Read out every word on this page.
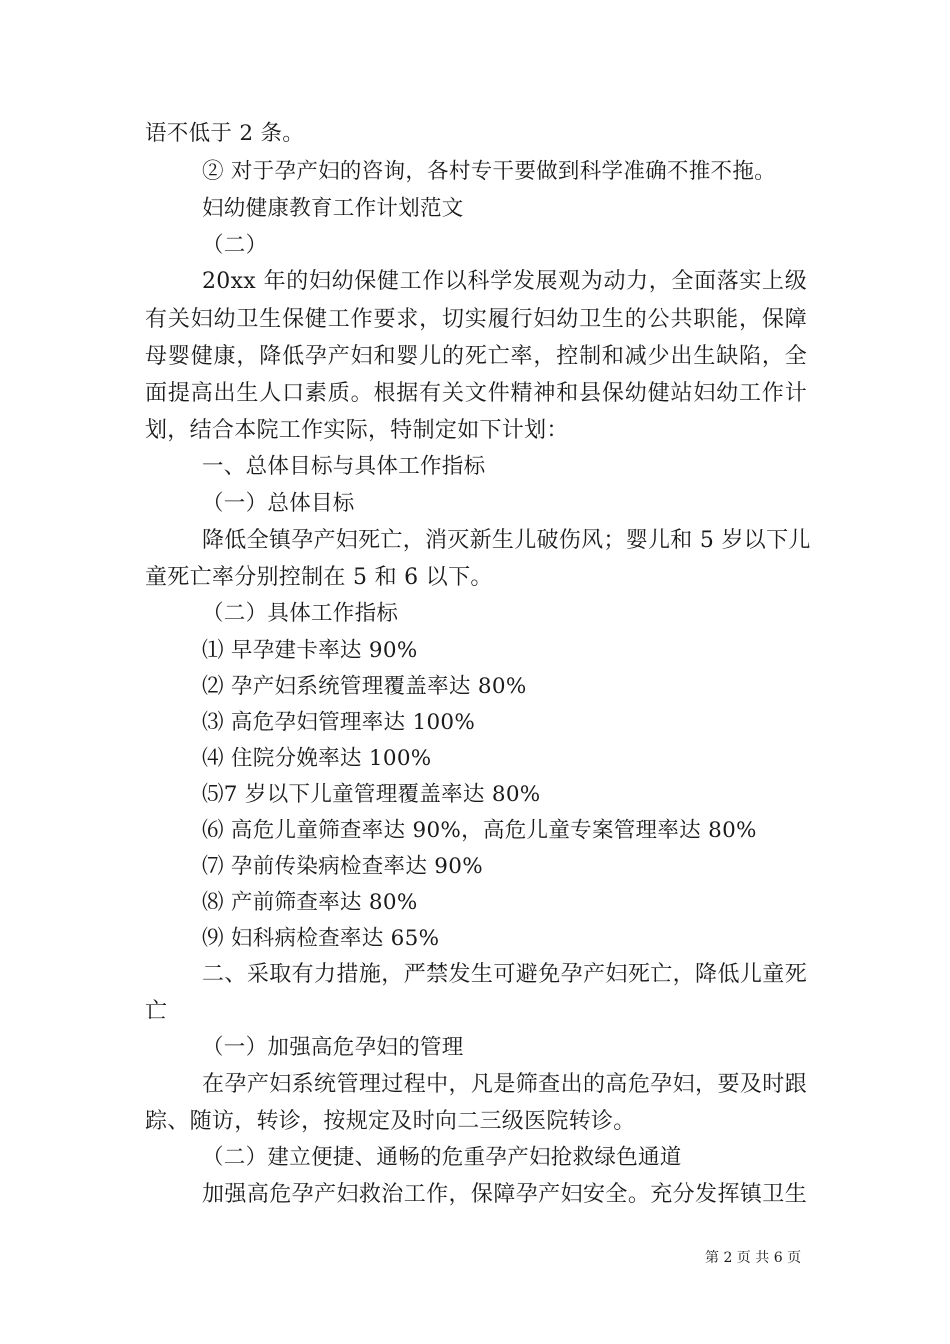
语不低于 2 条。
② 对于孕产妇的咨询，各村专干要做到科学准确不推不拖。
妇幼健康教育工作计划范文
（二）
20xx 年的妇幼保健工作以科学发展观为动力，全面落实上级
有关妇幼卫生保健工作要求，切实履行妇幼卫生的公共职能，保障
母婴健康，降低孕产妇和婴儿的死亡率，控制和减少出生缺陷，全
面提高出生人口素质。根据有关文件精神和县保幼健站妇幼工作计
划，结合本院工作实际，特制定如下计划：
一、总体目标与具体工作指标
（一）总体目标
降低全镇孕产妇死亡，消灭新生儿破伤风；婴儿和 5 岁以下儿
童死亡率分别控制在 5 和 6 以下。
（二）具体工作指标
⑴ 早孕建卡率达 90%
⑵ 孕产妇系统管理覆盖率达 80%
⑶ 高危孕妇管理率达 100%
⑷ 住院分娩率达 100%
⑸7 岁以下儿童管理覆盖率达 80%
⑹ 高危儿童筛查率达 90%，高危儿童专案管理率达 80%
⑺ 孕前传染病检查率达 90%
⑻ 产前筛查率达 80%
⑼ 妇科病检查率达 65%
二、采取有力措施，严禁发生可避免孕产妇死亡，降低儿童死
亡
（一）加强高危孕妇的管理
在孕产妇系统管理过程中，凡是筛查出的高危孕妇，要及时跟
踪、随访，转诊，按规定及时向二三级医院转诊。
（二）建立便捷、通畅的危重孕产妇抢救绿色通道
加强高危孕产妇救治工作，保障孕产妇安全。充分发挥镇卫生
第 2 页 共 6 页
